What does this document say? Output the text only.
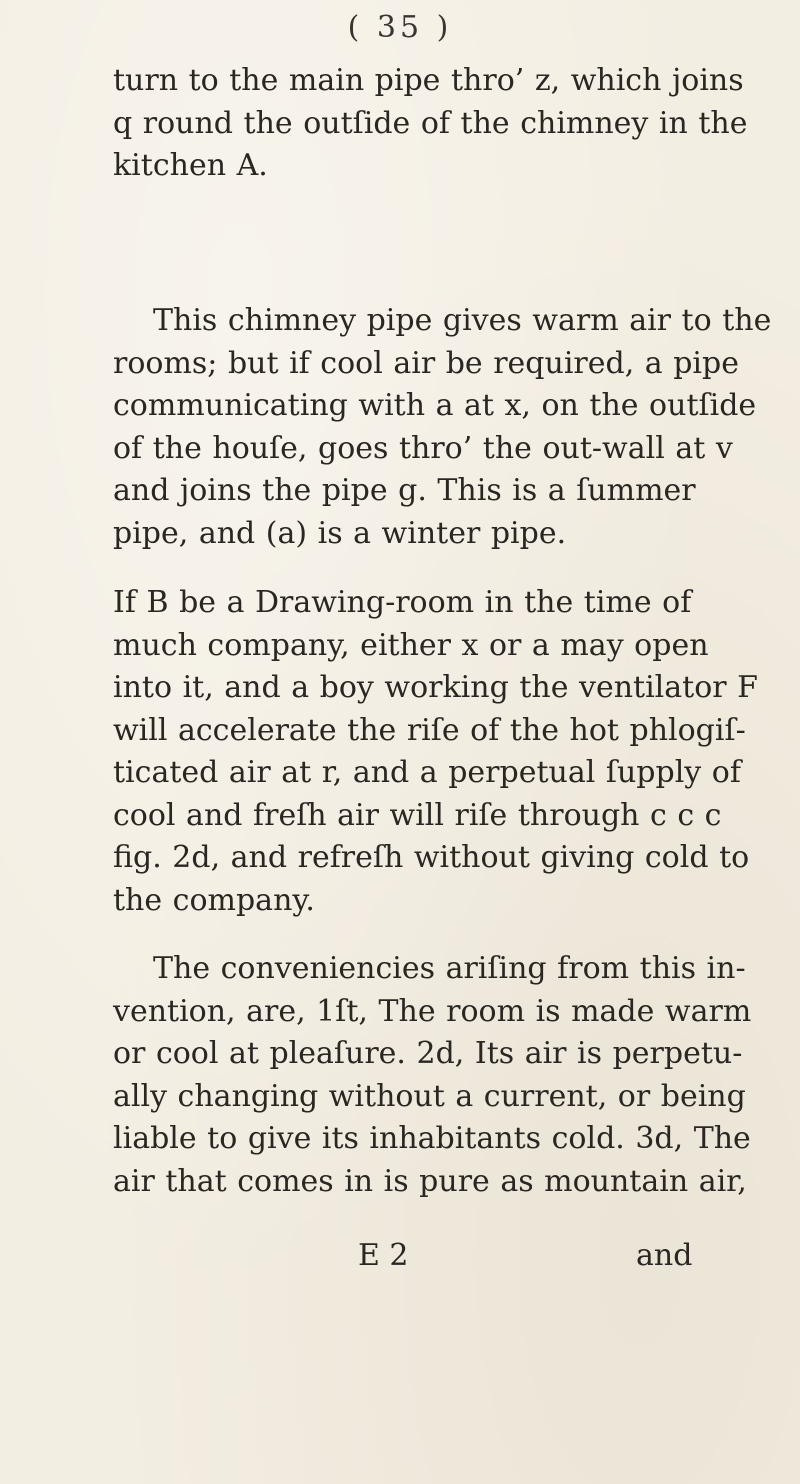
( 35 )

turn to the main pipe thro’ z, which joins
q round the outſide of the chimney in the
kitchen A.

This chimney pipe gives warm air to the
rooms; but if cool air be required, a pipe
communicating with a at x, on the outſide
of the houſe, goes thro’ the out-wall at v
and joins the pipe g. This is a ſummer
pipe, and (a) is a winter pipe.

If B be a Drawing-room in the time of
much company, either x or a may open
into it, and a boy working the ventilator F
will accelerate the riſe of the hot phlogiſ-
ticated air at r, and a perpetual ſupply of
cool and freſh air will riſe through c c c
fig. 2d, and refreſh without giving cold to
the company.

The conveniencies ariſing from this in-
vention, are, 1ſt, The room is made warm
or cool at pleaſure. 2d, Its air is perpetu-
ally changing without a current, or being
liable to give its inhabitants cold. 3d, The
air that comes in is pure as mountain air,

E 2	and
